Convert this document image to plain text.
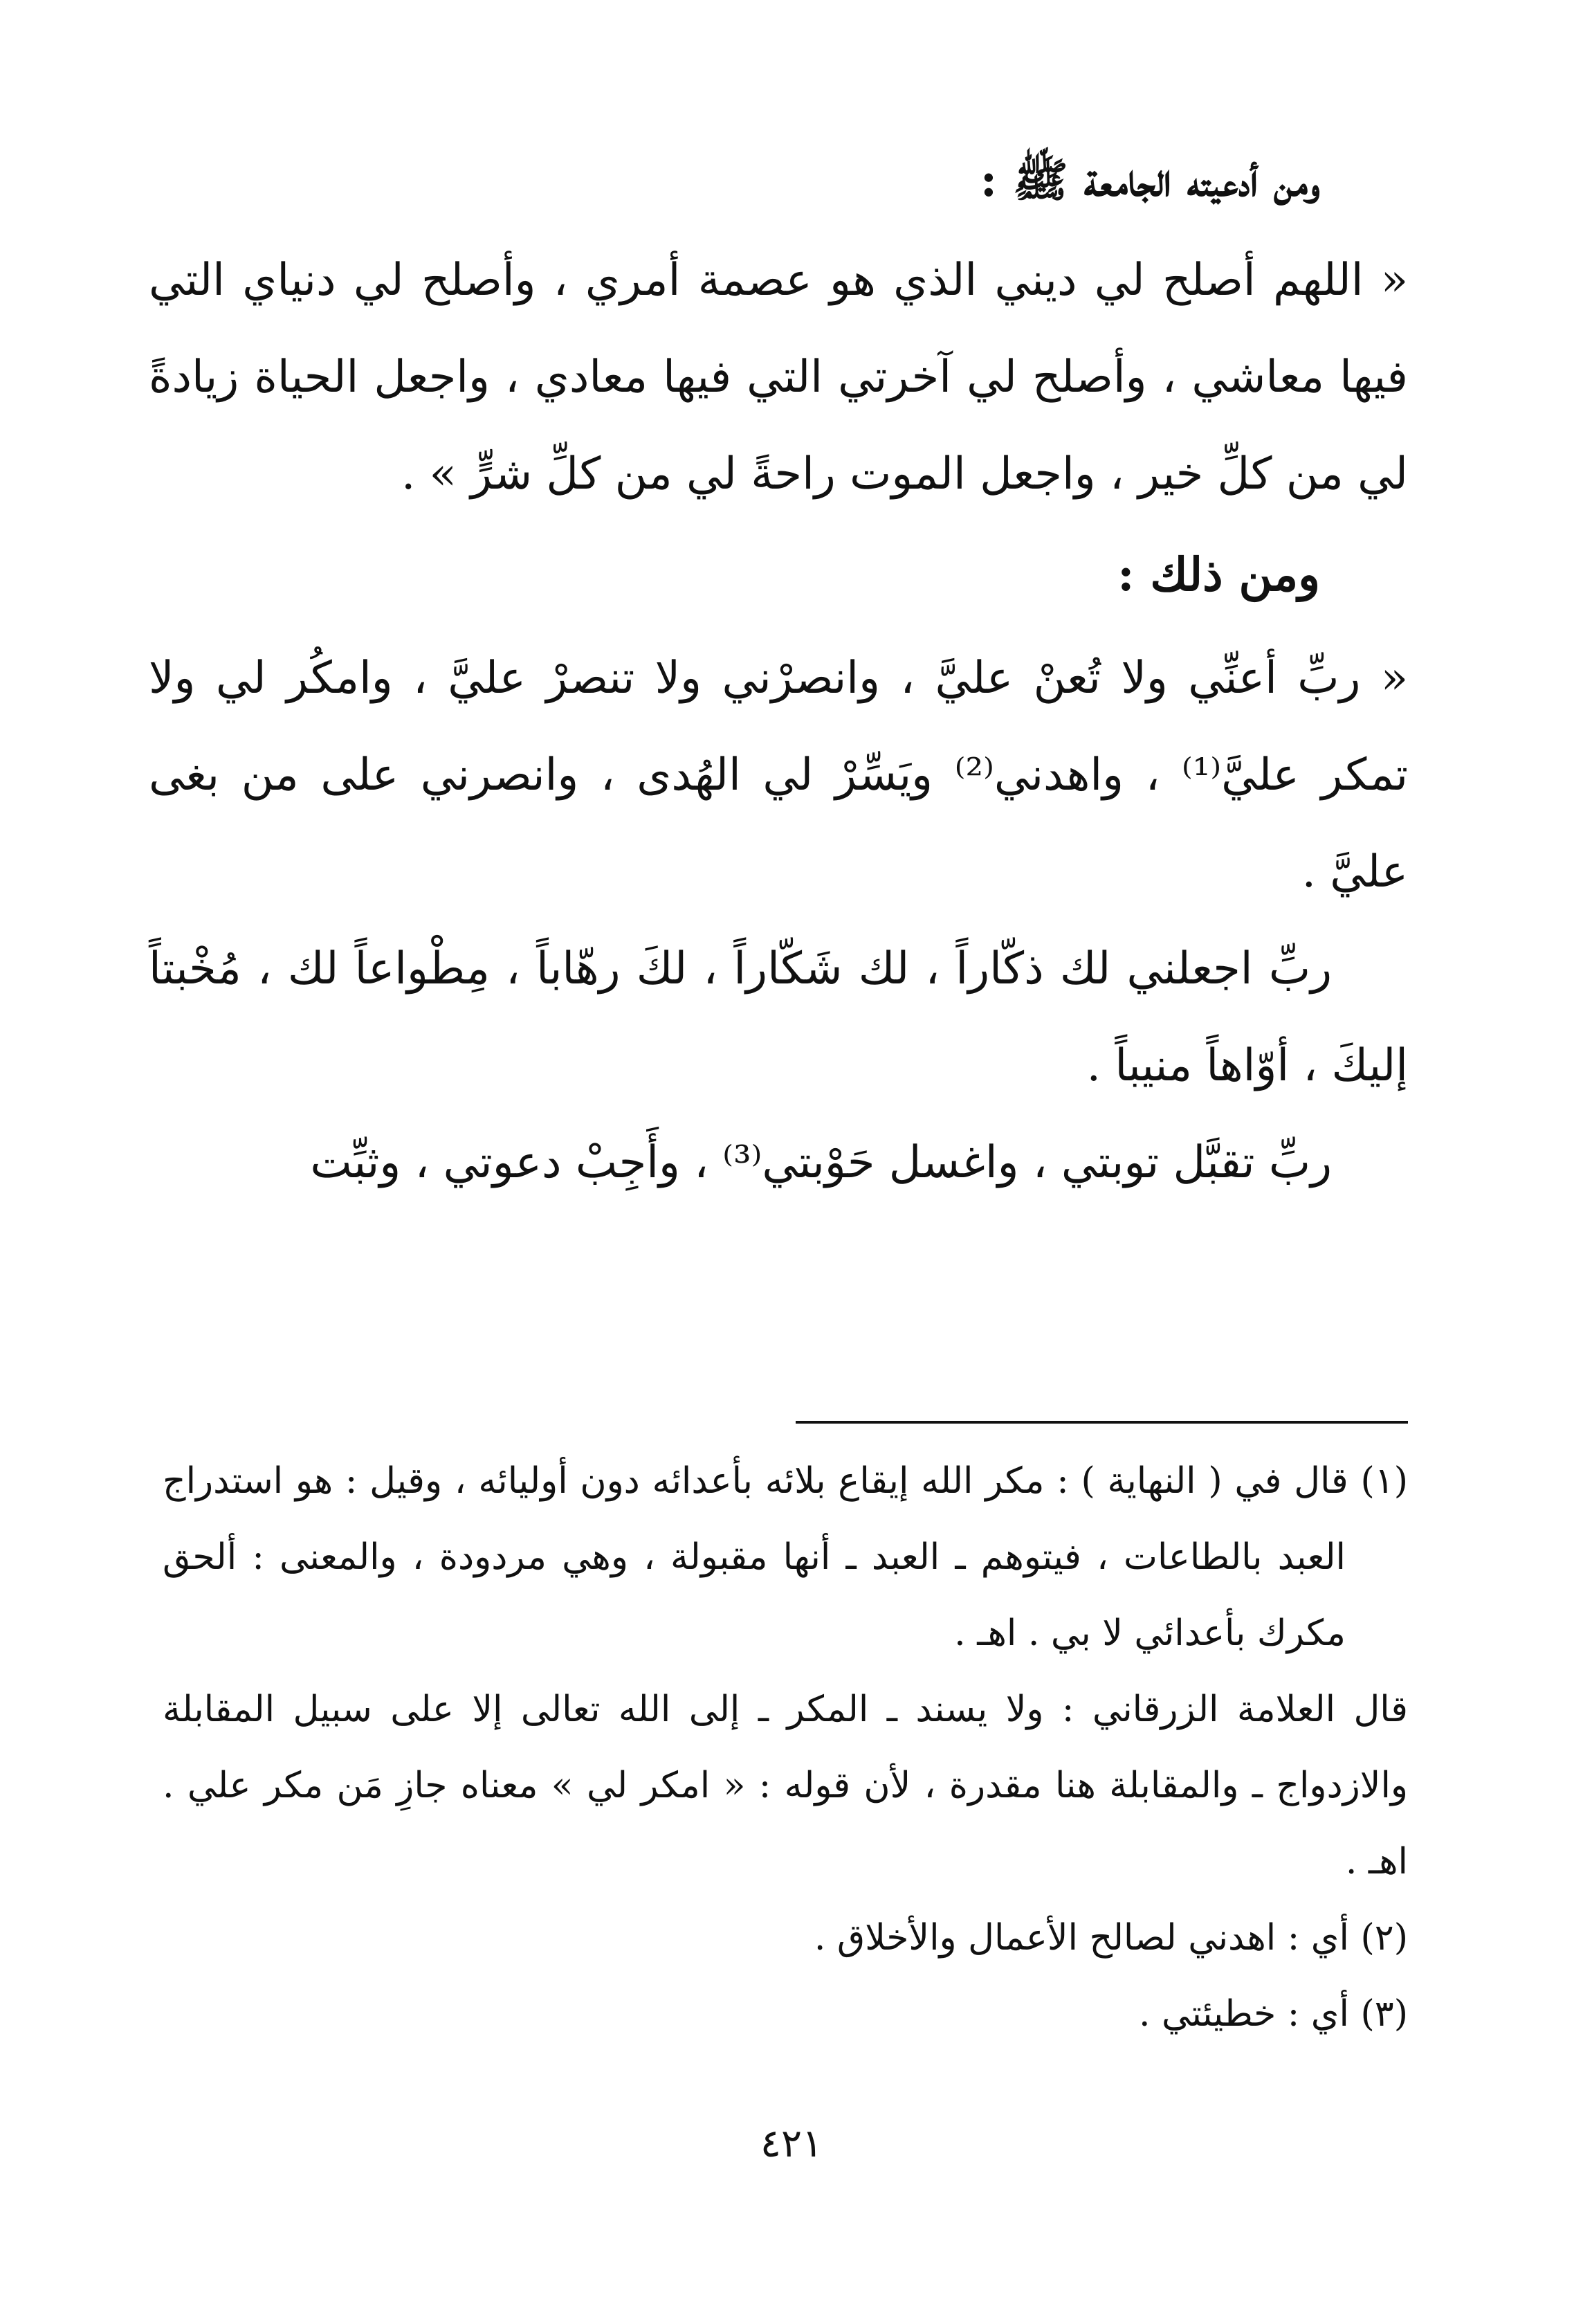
ومن أدعيته الجامعة ﷺ :

« اللهم أصلح لي ديني الذي هو عصمة أمري ، وأصلح لي دنياي التي فيها معاشي ، وأصلح لي آخرتي التي فيها معادي ، واجعل الحياة زيادةً لي من كلِّ خير ، واجعل الموت راحةً لي من كلِّ شرٍّ » .

ومن ذلك :

« ربِّ أعنِّي ولا تُعنْ عليَّ ، وانصرْني ولا تنصرْ عليَّ ، وامكُر لي ولا تمكر عليَّ⁽¹⁾ ، واهدني⁽²⁾ ويَسِّرْ لي الهُدى ، وانصرني على من بغى عليَّ .

ربِّ اجعلني لك ذكّاراً ، لك شَكّاراً ، لكَ رهّاباً ، مِطْواعاً لك ، مُخْبتاً إليكَ ، أوّاهاً منيباً .

ربِّ تقبَّل توبتي ، واغسل حَوْبتي⁽³⁾ ، وأَجِبْ دعوتي ، وثبِّت

(١) قال في ( النهاية ) : مكر الله إيقاع بلائه بأعدائه دون أوليائه ، وقيل : هو استدراج العبد بالطاعات ، فيتوهم ـ العبد ـ أنها مقبولة ، وهي مردودة ، والمعنى : ألحق مكرك بأعدائي لا بي . اهـ .

قال العلامة الزرقاني : ولا يسند ـ المكر ـ إلى الله تعالى إلا على سبيل المقابلة والازدواج ـ والمقابلة هنا مقدرة ، لأن قوله : « امكر لي » معناه جازِ مَن مكر علي . اهـ .

(٢) أي : اهدني لصالح الأعمال والأخلاق .

(٣) أي : خطيئتي .

٤٢١
